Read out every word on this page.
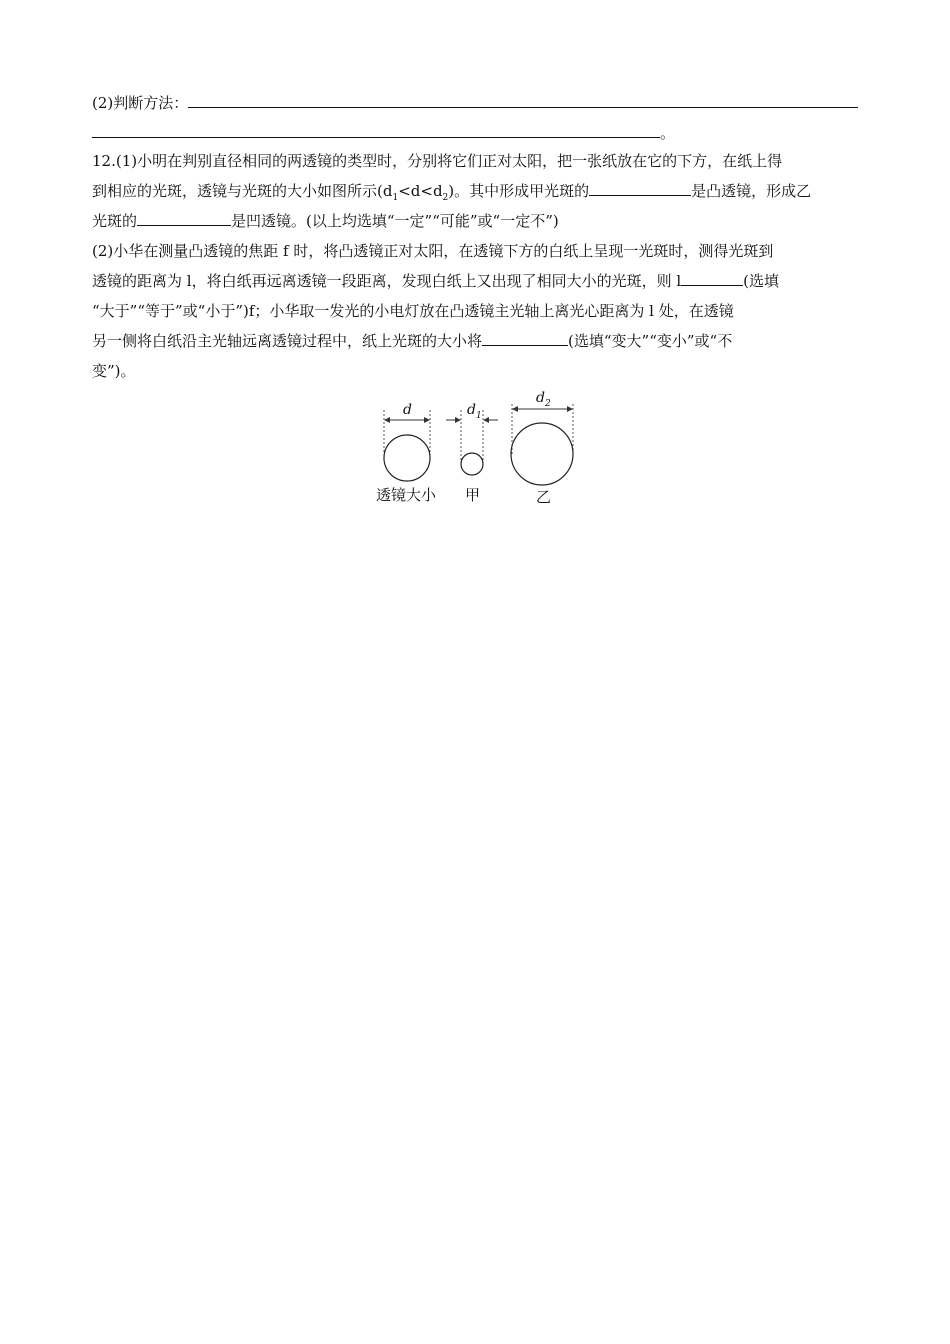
(2)判断方法：
。
12.(1)小明在判别直径相同的两透镜的类型时，分别将它们正对太阳，把一张纸放在它的下方，在纸上得
到相应的光斑，透镜与光斑的大小如图所示$(d_1<d<d_2)$。其中形成甲光斑的	是凸透镜，形成乙
光斑的	是凹透镜。(以上均选填“一定”“可能”或“一定不”)
(2)小华在测量凸透镜的焦距 f 时，将凸透镜正对太阳，在透镜下方的白纸上呈现一光斑时，测得光斑到
透镜的距离为 l，将白纸再远离透镜一段距离，发现白纸上又出现了相同大小的光斑，则 l	(选填
“大于”“等于”或“小于”)f；小华取一发光的小电灯放在凸透镜主光轴上离光心距离为 l 处，在透镜
另一侧将白纸沿主光轴远离透镜过程中，纸上光斑的大小将	(选填“变大”“变小”或“不
变”)。
d	$d_1$
$d_2$
透镜大小 甲	乙
